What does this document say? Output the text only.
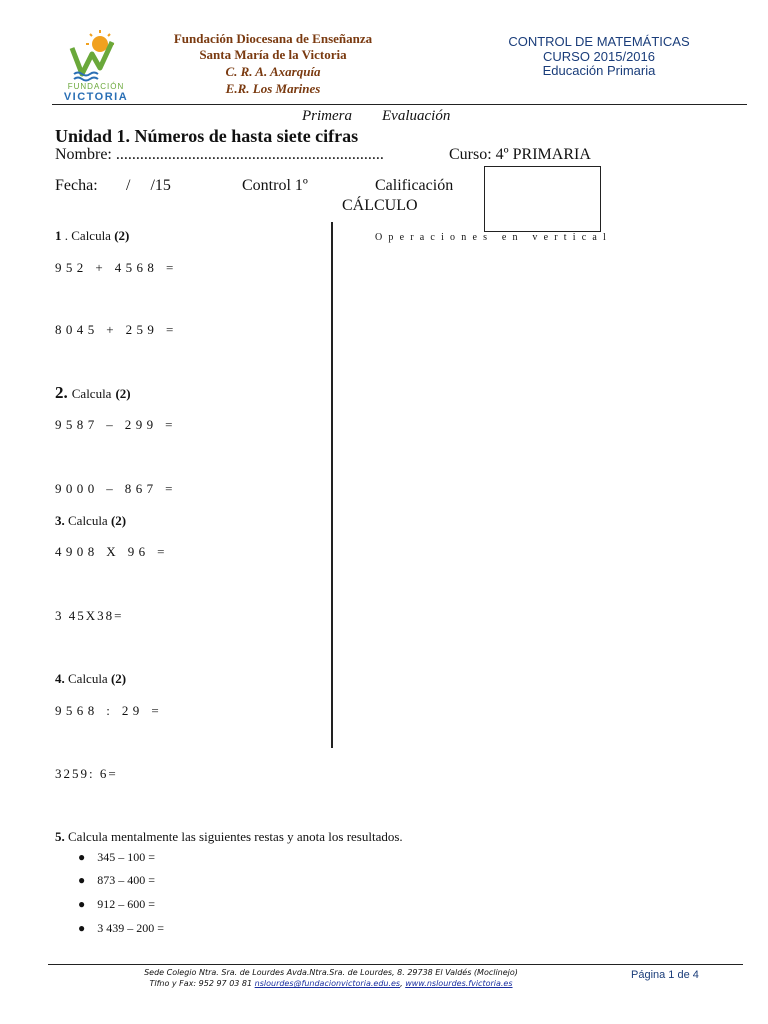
FUNDACIÓN
VICTORIA
Fundación Diocesana de Enseñanza
Santa María de la Victoria
C. R. A. Axarquía
E.R. Los Marines
CONTROL DE MATEMÁTICAS
CURSO 2015/2016
Educación Primaria
Primera Evaluación
Unidad 1. Números de hasta siete cifras
Nombre: ...................................................................	Curso: 4º PRIMARIA
Fecha: /     /15	Control 1º	Calificación
CÁLCULO
Operaciones en vertical
1 . Calcula (2)
952 + 4568 =
8045 + 259 =
2. Calcula (2)
9587 – 299 =
9000 – 867 =
3. Calcula (2)
4908 X 96 =
3 45X38=
4. Calcula (2)
9568 : 29 =
3259: 6=
5. Calcula mentalmente las siguientes restas y anota los resultados.
● 345 – 100 =
● 873 – 400 =
● 912 – 600 =
● 3 439 – 200 =
Sede Colegio Ntra. Sra. de Lourdes Avda.Ntra.Sra. de Lourdes, 8. 29738 El Valdés (Moclinejo)
Tlfno y Fax: 952 97 03 81 nslourdes@fundacionvictoria.edu.es, www.nslourdes.fvictoria.es
Página 1 de 4
